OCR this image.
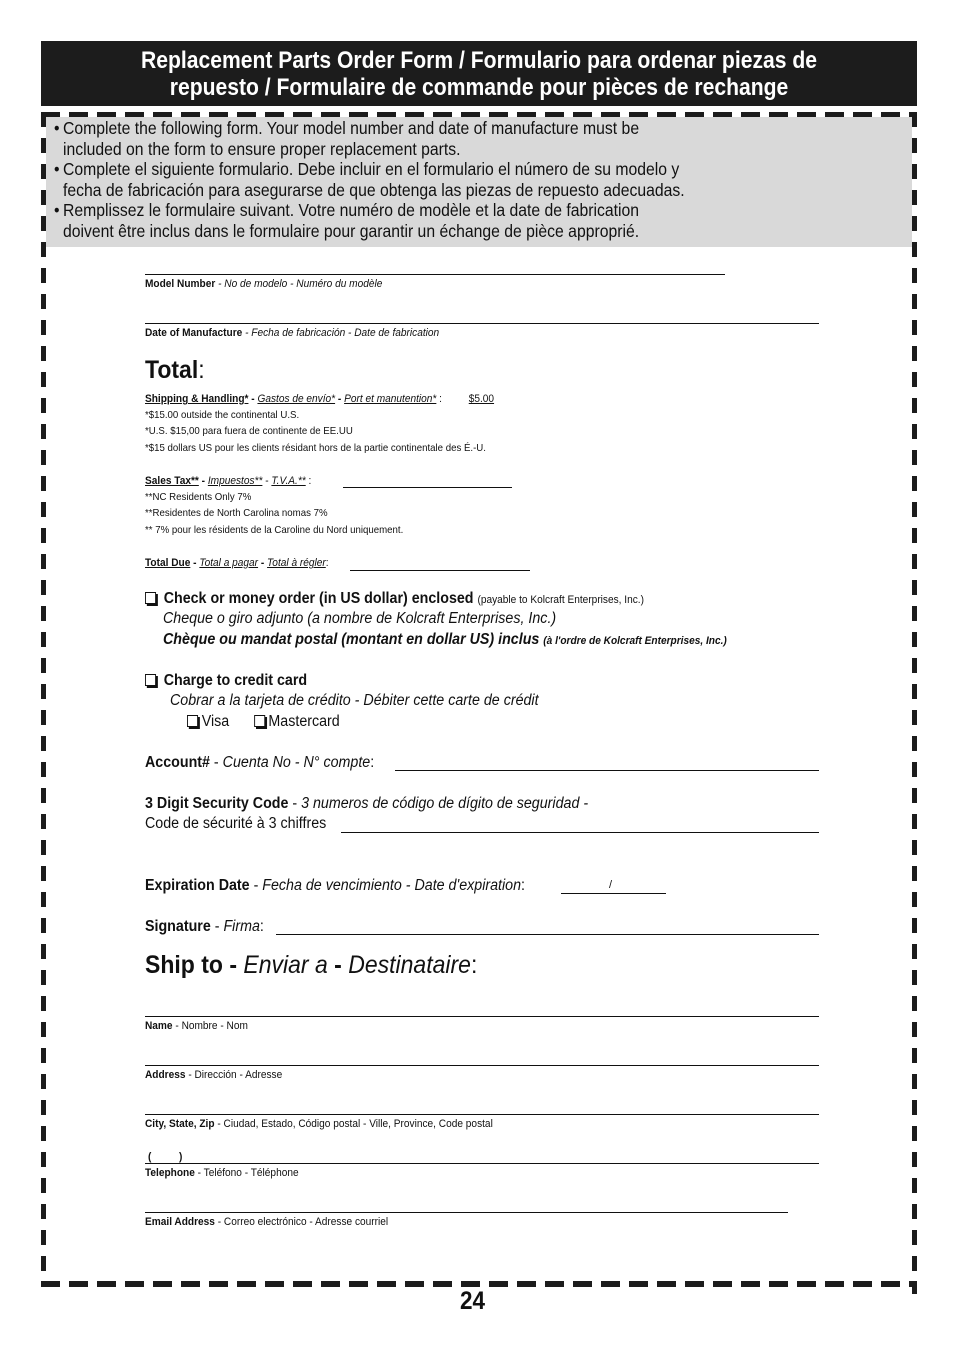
Replacement Parts Order Form / Formulario para ordenar piezas de
repuesto / Formulaire de commande pour pièces de rechange
• Complete the following form. Your model number and date of manufacture must be
included on the form to ensure proper replacement parts.
• Complete el siguiente formulario. Debe incluir en el formulario el número de su modelo y
fecha de fabricación para asegurarse de que obtenga las piezas de repuesto adecuadas.
• Remplissez le formulaire suivant. Votre numéro de modèle et la date de fabrication
doivent être inclus dans le formulaire pour garantir un échange de pièce approprié.
Model Number - No de modelo - Numéro du modèle
Date of Manufacture - Fecha de fabricación - Date de fabrication
Total:
Shipping & Handling* - Gastos de envío* - Port et manutention* : $5.00
*$15.00 outside the continental U.S.
*U.S. $15,00 para fuera de continente de EE.UU
*$15 dollars US pour les clients résidant hors de la partie continentale des É.-U.
Sales Tax** - Impuestos** - T.V.A.** :
**NC Residents Only 7%
**Residentes de North Carolina nomas 7%
** 7% pour les résidents de la Caroline du Nord uniquement.
Total Due - Total a pagar - Total à régler:
Check or money order (in US dollar) enclosed (payable to Kolcraft Enterprises, Inc.)
Cheque o giro adjunto (a nombre de Kolcraft Enterprises, Inc.)
Chèque ou mandat postal (montant en dollar US) inclus (à l'ordre de Kolcraft Enterprises, Inc.)
Charge to credit card
Cobrar a la tarjeta de crédito - Débiter cette carte de crédit
Visa	Mastercard
Account# - Cuenta No - N° compte:
3 Digit Security Code - 3 numeros de código de dígito de seguridad -
Code de sécurité à 3 chiffres
Expiration Date - Fecha de vencimiento - Date d'expiration:	/
Signature - Firma:
Ship to - Enviar a - Destinataire:
Name - Nombre - Nom
Address - Dirección - Adresse
City, State, Zip - Ciudad, Estado, Código postal - Ville, Province, Code postal
(	)
Telephone - Teléfono - Téléphone
Email Address - Correo electrónico - Adresse courriel
24
